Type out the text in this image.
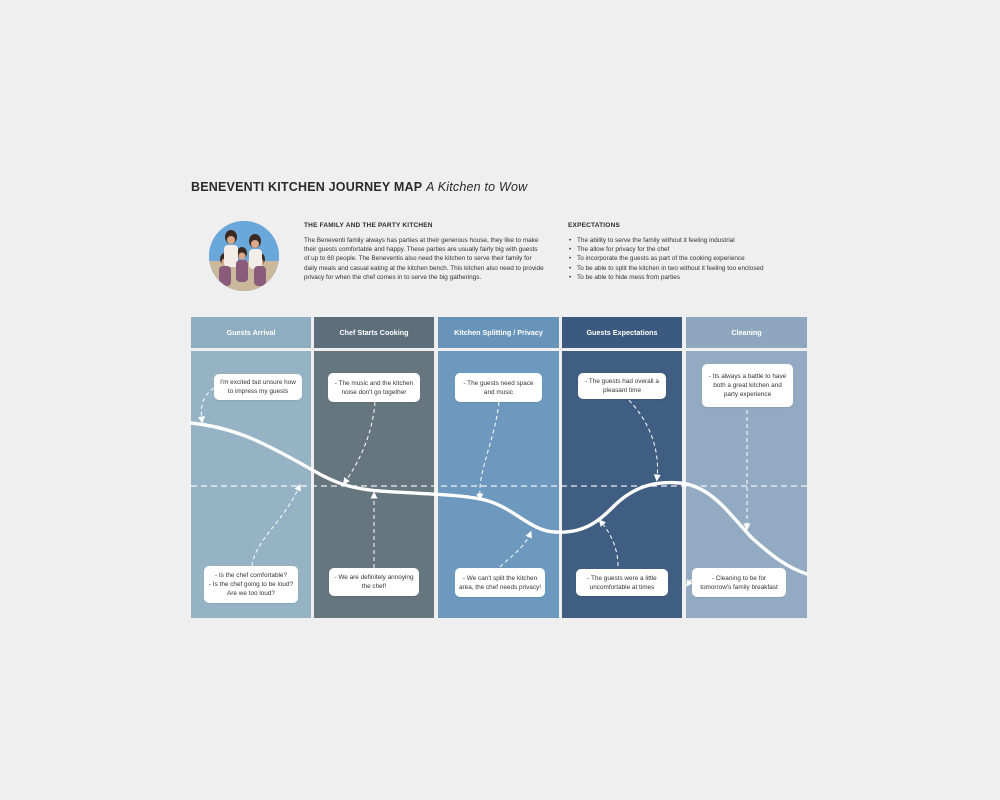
BENEVENTI KITCHEN JOURNEY MAP A Kitchen to Wow
THE FAMILY AND THE PARTY KITCHEN

The Beneventi family always has parties at their generous house, they like to make their guests comfortable and happy. These parties are usually fairly big with guests of up to 60 people. The Beneventis also need the kitchen to serve their family for daily meals and casual eating at the kitchen bench. This kitchen also need to provide privacy for when the chef comes in to serve the big gatherings.

EXPECTATIONS
• The ability to serve the family without it feeling industrial
• The allow for privacy for the chef
• To incorporate the guests as part of the cooking experience
• To be able to split the kitchen in two without it feeling too enclosed
• To be able to hide mess from parties
Guests Arrival	Chef Starts Cooking	Kitchen Splitting / Privacy	Guests Expectations	Cleaning
I'm excited but unsure how
to impress my guests
- The music and the kitchen
noise don't go together
- The guests need space
and music
- The guests had overall a
pleasant time
- Its always a battle to have
both a great kitchen and
party experience
- Is the chef comfortable?
- Is the chef going to be loud?
Are we too loud?
- We are definitely annoying
the chef!
- We can't split the kitchen
area, the chef needs privacy!
- The guests were a little
uncomfortable at times
- Cleaning to be for
tomorrow's family breakfast
